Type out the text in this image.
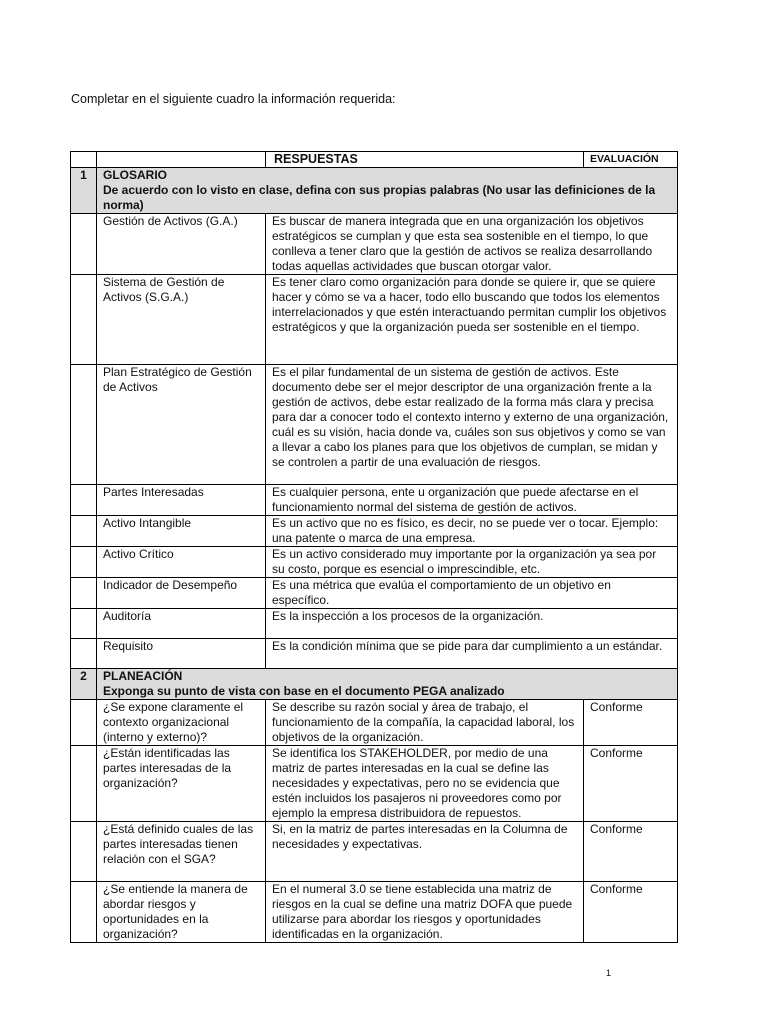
Completar en el siguiente cuadro la información requerida:
		RESPUESTAS	EVALUACIÓN
1	GLOSARIO
De acuerdo con lo visto en clase, defina con sus propias palabras (No usar las definiciones de la norma)		

	Gestión de Activos (G.A.)	Es buscar de manera integrada que en una organización los objetivos estratégicos se cumplan y que esta sea sostenible en el tiempo, lo que conlleva a tener claro que la gestión de activos se realiza desarrollando todas aquellas actividades que buscan otorgar valor.	
	Sistema de Gestión de Activos (S.G.A.)	Es tener claro como organización para donde se quiere ir, que se quiere hacer y cómo se va a hacer, todo ello buscando que todos los elementos interrelacionados y que estén interactuando permitan cumplir los objetivos estratégicos y que la organización pueda ser sostenible en el tiempo.	
	Plan Estratégico de Gestión de Activos	Es el pilar fundamental de un sistema de gestión de activos. Este documento debe ser el mejor descriptor de una organización frente a la gestión de activos, debe estar realizado de la forma más clara y precisa para dar a conocer todo el contexto interno y externo de una organización, cuál es su visión, hacia donde va, cuáles son sus objetivos y como se van a llevar a cabo los planes para que los objetivos de cumplan, se midan y se controlen a partir de una evaluación de riesgos.	
	Partes Interesadas	Es cualquier persona, ente u organización que puede afectarse en el funcionamiento normal del sistema de gestión de activos.	
	Activo Intangible	Es un activo que no es físico, es decir, no se puede ver o tocar. Ejemplo: una patente o marca de una empresa.	
	Activo Crítico	Es un activo considerado muy importante por la organización ya sea por su costo, porque es esencial o imprescindible, etc.	
	Indicador de Desempeño	Es una métrica que evalúa el comportamiento de un objetivo en específico.	
	Auditoría	Es la inspección a los procesos de la organización.	
	Requisito	Es la condición mínima que se pide para dar cumplimiento a un estándar.	
2	PLANEACIÓN
Exponga su punto de vista con base en el documento PEGA analizado		

	¿Se expone claramente el contexto organizacional (interno y externo)?	Se describe su razón social y área de trabajo, el funcionamiento de la compañía, la capacidad laboral, los objetivos de la organización.	Conforme
	¿Están identificadas las partes interesadas de la organización?	Se identifica los STAKEHOLDER, por medio de una matriz de partes interesadas en la cual se define las necesidades y expectativas, pero no se evidencia que estén incluidos los pasajeros ni proveedores como por ejemplo la empresa distribuidora de repuestos.	Conforme
	¿Está definido cuales de las partes interesadas tienen relación con el SGA?	Si, en la matriz de partes interesadas en la Columna de necesidades y expectativas.	Conforme
	¿Se entiende la manera de abordar riesgos y oportunidades en la organización?	En el numeral 3.0 se tiene establecida una matriz de riesgos en la cual se define una matriz DOFA que puede utilizarse para abordar los riesgos y oportunidades identificadas en la organización.	Conforme
1
